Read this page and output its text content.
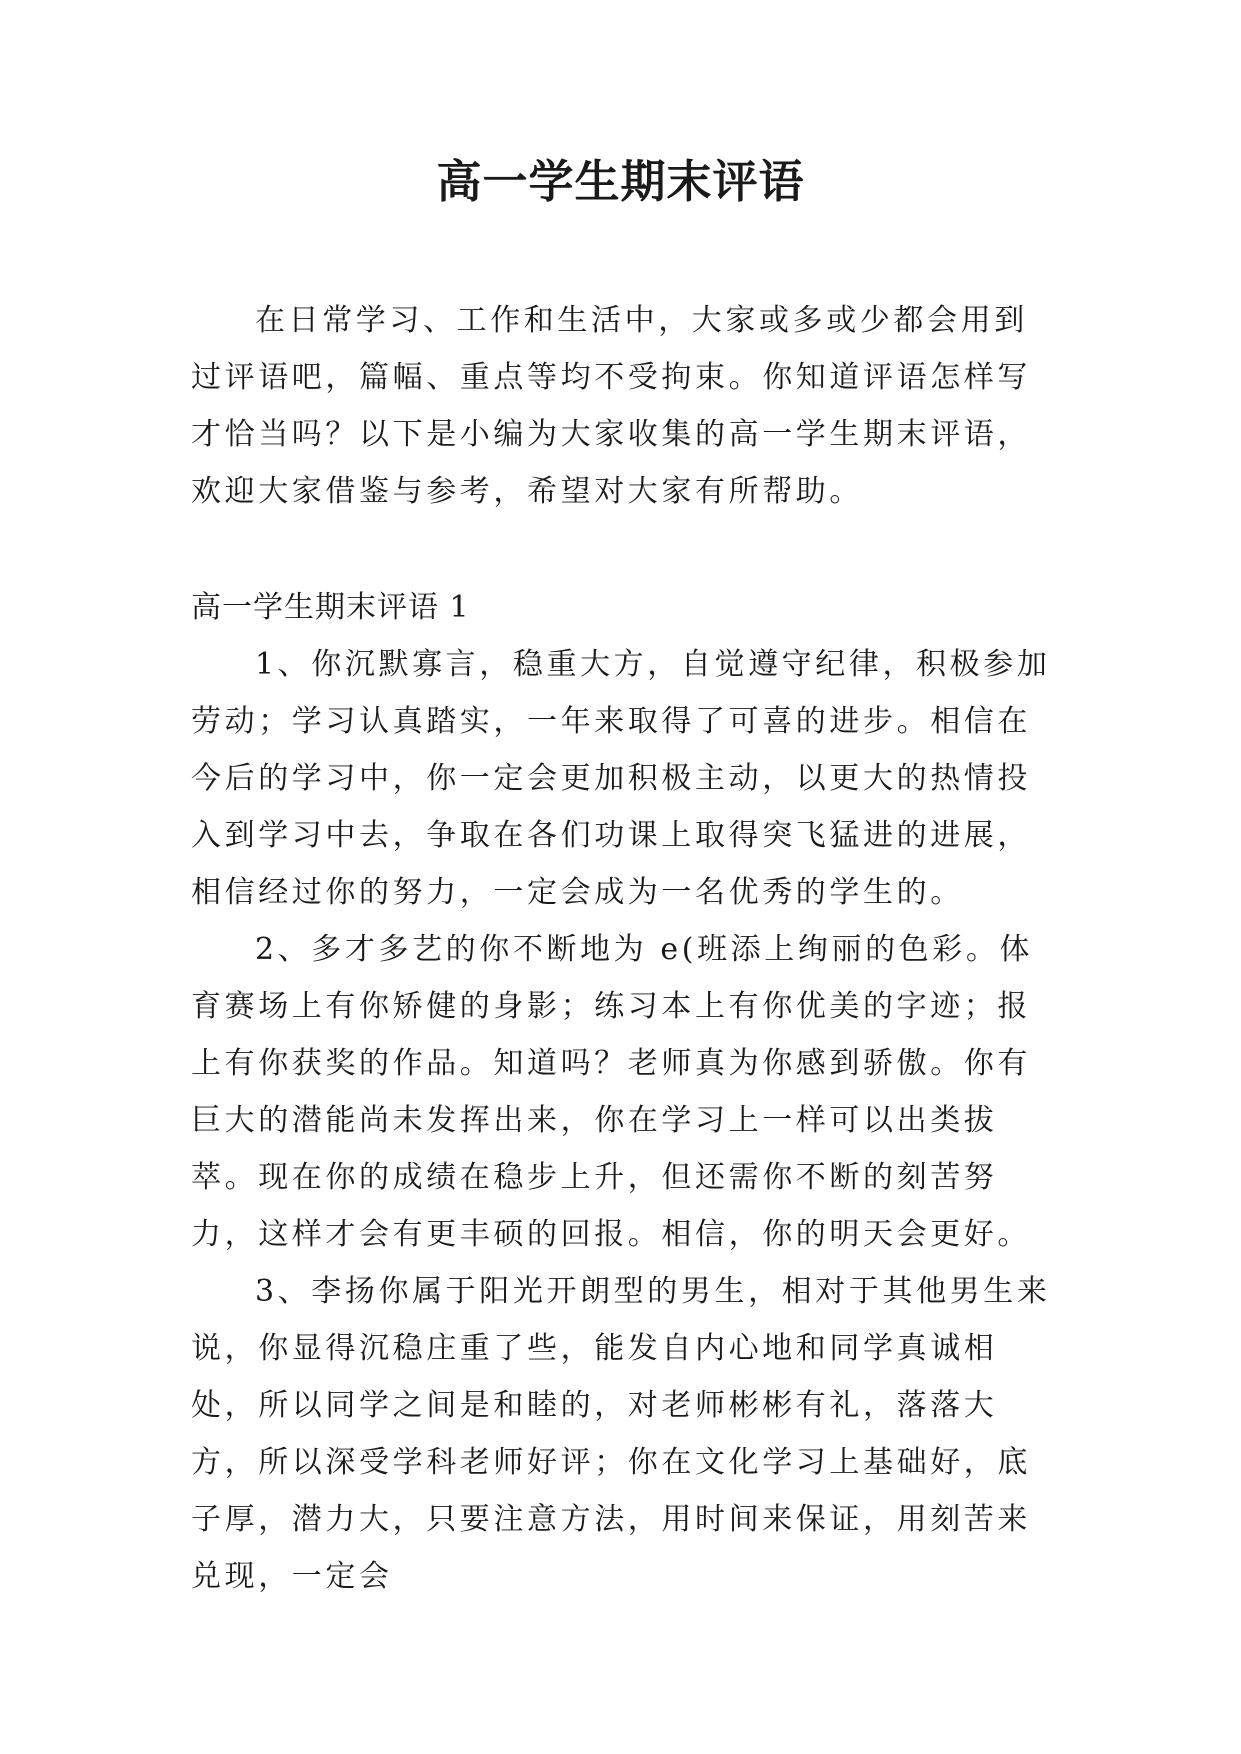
高一学生期末评语

在日常学习、工作和生活中，大家或多或少都会用到过评语吧，篇幅、重点等均不受拘束。你知道评语怎样写才恰当吗？以下是小编为大家收集的高一学生期末评语，欢迎大家借鉴与参考，希望对大家有所帮助。

高一学生期末评语 1

1、你沉默寡言，稳重大方，自觉遵守纪律，积极参加劳动；学习认真踏实，一年来取得了可喜的进步。相信在今后的学习中，你一定会更加积极主动，以更大的热情投入到学习中去，争取在各们功课上取得突飞猛进的进展，相信经过你的努力，一定会成为一名优秀的学生的。

2、多才多艺的你不断地为 e(班添上绚丽的色彩。体育赛场上有你矫健的身影；练习本上有你优美的字迹；报上有你获奖的作品。知道吗？老师真为你感到骄傲。你有巨大的潜能尚未发挥出来，你在学习上一样可以出类拔萃。现在你的成绩在稳步上升，但还需你不断的刻苦努力，这样才会有更丰硕的回报。相信，你的明天会更好。

3、李扬你属于阳光开朗型的男生，相对于其他男生来说，你显得沉稳庄重了些，能发自内心地和同学真诚相处，所以同学之间是和睦的，对老师彬彬有礼，落落大方，所以深受学科老师好评；你在文化学习上基础好，底子厚，潜力大，只要注意方法，用时间来保证，用刻苦来兑现，一定会
